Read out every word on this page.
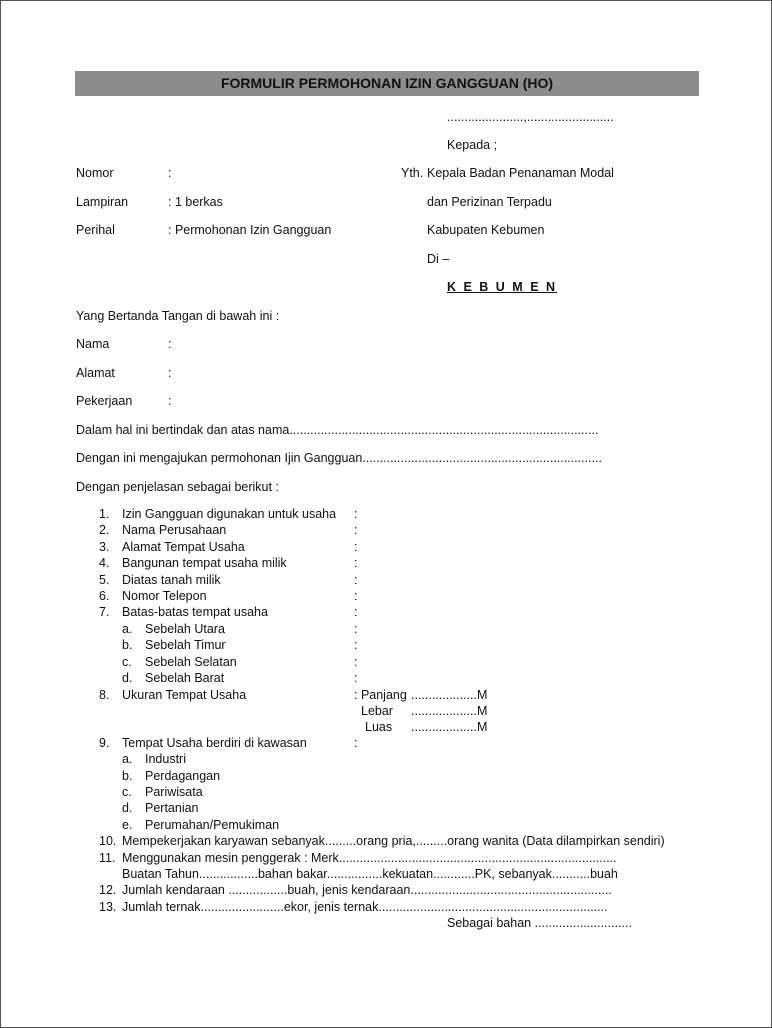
FORMULIR PERMOHONAN IZIN GANGGUAN (HO)
......................,.........................
Kepada ;
Nomor	:
Lampiran	: 1 berkas
Perihal	: Permohonan Izin Gangguan
Yth. Kepala Badan Penanaman Modal
dan Perizinan Terpadu
Kabupaten Kebumen
Di –
K E B U M E N
Yang Bertanda Tangan di bawah ini :
Nama	:
Alamat	:
Pekerjaan	:
Dalam hal ini bertindak dan atas nama.........................................................................................
Dengan ini mengajukan permohonan Ijin Gangguan.....................................................................
Dengan penjelasan sebagai berikut :
1. Izin Gangguan digunakan untuk usaha :
2. Nama Perusahaan	:
3. Alamat Tempat Usaha	:
4. Bangunan tempat usaha milik	:
5. Diatas tanah milik	:
6. Nomor Telepon	:
7. Batas-batas tempat usaha	:
a. Sebelah Utara	:
b. Sebelah Timur	:
c. Sebelah Selatan	:
d. Sebelah Barat	:
8. Ukuran Tempat Usaha	: Panjang ...................M
Lebar ...................M
Luas ...................M
9. Tempat Usaha berdiri di kawasan	:
a. Industri
b. Perdagangan
c. Pariwisata
d. Pertanian
e. Perumahan/Pemukiman
10. Mempekerjakan karyawan sebanyak.........orang pria,.........orang wanita (Data dilampirkan sendiri)
11. Menggunakan mesin penggerak : Merk................................................................................
Buatan Tahun.................bahan bakar................kekuatan............PK, sebanyak...........buah
12. Jumlah kendaraan .................buah, jenis kendaraan..........................................................
13. Jumlah ternak........................ekor, jenis ternak..................................................................
Sebagai bahan ............................
